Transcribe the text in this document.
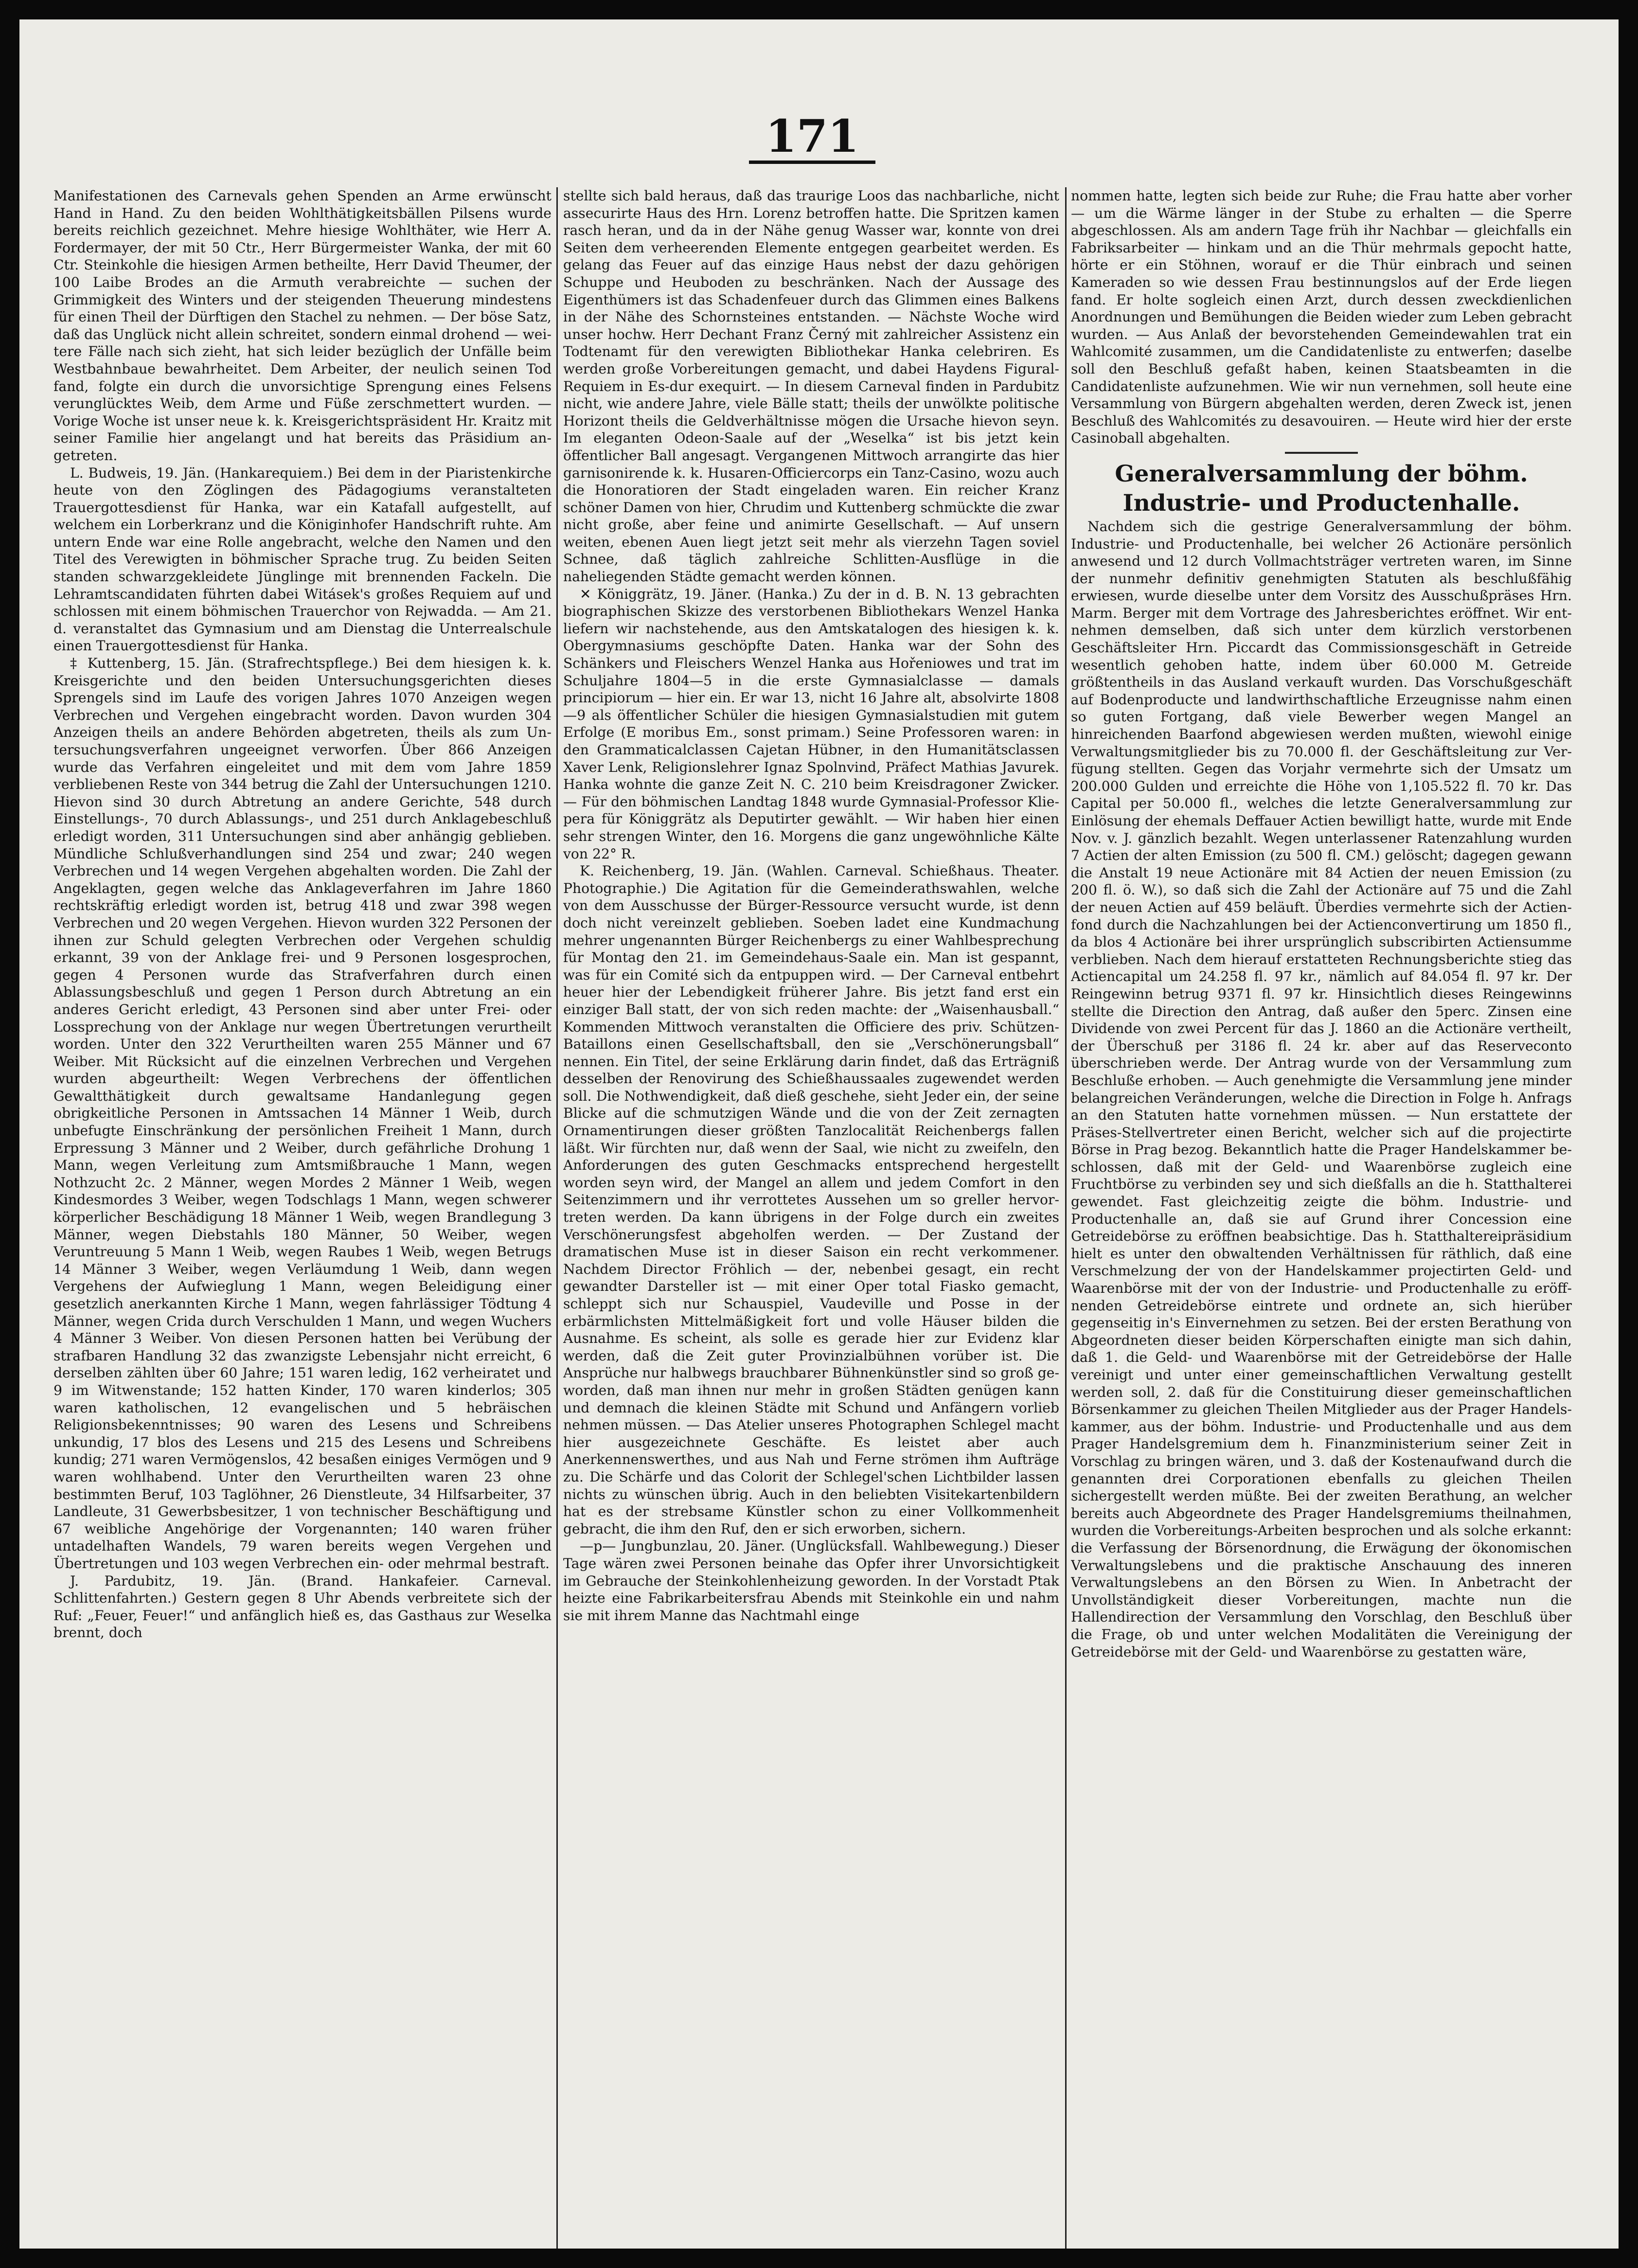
171

Manifestationen des Carnevals gehen Spenden an Arme erwünscht Hand in Hand. Zu den beiden Wohlthätigkeitsbällen Pilsens wurde bereits reichlich gezeichnet. Mehre hiesige Wohlthäter, wie Herr A. Fordermayer, der mit 50 Ctr., Herr Bürgermeister Wanka, der mit 60 Ctr. Steinkohle die hiesigen Armen betheilte, Herr David Theumer, der 100 Laibe Brodes an die Armuth verabreichte — suchen der Grimmigkeit des Winters und der steigenden Theuerung mindestens für einen Theil der Dürftigen den Stachel zu nehmen. — Der böse Satz, daß das Unglück nicht allein schreitet, sondern einmal drohend — weitere Fälle nach sich zieht, hat sich leider bezüglich der Unfälle beim Westbahnbaue bewahrheitet. Dem Arbeiter, der neulich seinen Tod fand, folgte ein durch die unvorsichtige Sprengung eines Felsens verunglücktes Weib, dem Arme und Füße zerschmettert wurden. — Vorige Woche ist unser neue k. k. Kreisgerichtspräsident Hr. Kraitz mit seiner Familie hier angelangt und hat bereits das Präsidium angetreten.

L. Budweis, 19. Jän. (Hankarequiem.) Bei dem in der Piaristenkirche heute von den Zöglingen des Pädagogiums veranstalteten Trauergottesdienst für Hanka, war ein Katafall aufgestellt, auf welchem ein Lorberkranz und die Königinhofer Handschrift ruhte. Am untern Ende war eine Rolle angebracht, welche den Namen und den Titel des Verewigten in böhmischer Sprache trug. Zu beiden Seiten standen schwarzgekleidete Jünglinge mit brennenden Fackeln. Die Lehramtscandidaten führten dabei Witásek's großes Requiem auf und schlossen mit einem böhmischen Trauerchor von Rejwadda. — Am 21. d. veranstaltet das Gymnasium und am Dienstag die Unterrealschule einen Trauergottesdienst für Hanka.

‡ Kuttenberg, 15. Jän. (Strafrechtspflege.) Bei dem hiesigen k. k. Kreisgerichte und den beiden Untersuchungsgerichten dieses Sprengels sind im Laufe des vorigen Jahres 1070 Anzeigen wegen Verbrechen und Vergehen eingebracht worden. Davon wurden 304 Anzeigen theils an andere Behörden abgetreten, theils als zum Untersuchungsverfahren ungeeignet verworfen. Über 866 Anzeigen wurde das Verfahren eingeleitet und mit dem vom Jahre 1859 verbliebenen Reste von 344 betrug die Zahl der Untersuchungen 1210. Hievon sind 30 durch Abtretung an andere Gerichte, 548 durch Einstellungs-, 70 durch Ablassungs-, und 251 durch Anklagebeschluß erledigt worden, 311 Untersuchungen sind aber anhängig geblieben. Mündliche Schlußverhandlungen sind 254 und zwar; 240 wegen Verbrechen und 14 wegen Vergehen abgehalten worden. Die Zahl der Angeklagten, gegen welche das Anklageverfahren im Jahre 1860 rechtskräftig erledigt worden ist, betrug 418 und zwar 398 wegen Verbrechen und 20 wegen Vergehen. Hievon wurden 322 Personen der ihnen zur Schuld gelegten Verbrechen oder Vergehen schuldig erkannt, 39 von der Anklage frei- und 9 Personen losgesprochen, gegen 4 Personen wurde das Strafverfahren durch einen Ablassungsbeschluß und gegen 1 Person durch Abtretung an ein anderes Gericht erledigt, 43 Personen sind aber unter Frei- oder Lossprechung von der Anklage nur wegen Übertretungen verurtheilt worden. Unter den 322 Verurtheilten waren 255 Männer und 67 Weiber. Mit Rücksicht auf die einzelnen Verbrechen und Vergehen wurden abgeurtheilt: Wegen Verbrechens der öffentlichen Gewaltthätigkeit durch gewaltsame Handanlegung gegen obrigkeitliche Personen in Amtssachen 14 Männer 1 Weib, durch unbefugte Einschränkung der persönlichen Freiheit 1 Mann, durch Erpressung 3 Männer und 2 Weiber, durch gefährliche Drohung 1 Mann, wegen Verleitung zum Amtsmißbrauche 1 Mann, wegen Nothzucht 2c. 2 Männer, wegen Mordes 2 Männer 1 Weib, wegen Kindesmordes 3 Weiber, wegen Todschlags 1 Mann, wegen schwerer körperlicher Beschädigung 18 Männer 1 Weib, wegen Brandlegung 3 Männer, wegen Diebstahls 180 Männer, 50 Weiber, wegen Veruntreuung 5 Mann 1 Weib, wegen Raubes 1 Weib, wegen Betrugs 14 Männer 3 Weiber, wegen Verläumdung 1 Weib, dann wegen Vergehens der Aufwieglung 1 Mann, wegen Beleidigung einer gesetzlich anerkannten Kirche 1 Mann, wegen fahrlässiger Tödtung 4 Männer, wegen Crida durch Verschulden 1 Mann, und wegen Wuchers 4 Männer 3 Weiber. Von diesen Personen hatten bei Verübung der strafbaren Handlung 32 das zwanzigste Lebensjahr nicht erreicht, 6 derselben zählten über 60 Jahre; 151 waren ledig, 162 verheiratet und 9 im Witwenstande; 152 hatten Kinder, 170 waren kinderlos; 305 waren katholischen, 12 evangelischen und 5 hebräischen Religionsbekenntnisses; 90 waren des Lesens und Schreibens unkundig, 17 blos des Lesens und 215 des Lesens und Schreibens kundig; 271 waren Vermögenslos, 42 besaßen einiges Vermögen und 9 waren wohlhabend. Unter den Verurtheilten waren 23 ohne bestimmten Beruf, 103 Taglöhner, 26 Dienstleute, 34 Hilfsarbeiter, 37 Landleute, 31 Gewerbsbesitzer, 1 von technischer Beschäftigung und 67 weibliche Angehörige der Vorgenannten; 140 waren früher untadelhaften Wandels, 79 waren bereits wegen Vergehen und Übertretungen und 103 wegen Verbrechen ein- oder mehrmal bestraft.

J. Pardubitz, 19. Jän. (Brand. Hankafeier. Carneval. Schlittenfahrten.) Gestern gegen 8 Uhr Abends verbreitete sich der Ruf: „Feuer, Feuer!“ und anfänglich hieß es, das Gasthaus zur Weselka brennt, doch

stellte sich bald heraus, daß das traurige Loos das nachbarliche, nicht assecurirte Haus des Hrn. Lorenz betroffen hatte. Die Spritzen kamen rasch heran, und da in der Nähe genug Wasser war, konnte von drei Seiten dem verheerenden Elemente entgegen gearbeitet werden. Es gelang das Feuer auf das einzige Haus nebst der dazu gehörigen Schuppe und Heuboden zu beschränken. Nach der Aussage des Eigenthümers ist das Schadenfeuer durch das Glimmen eines Balkens in der Nähe des Schornsteines entstanden. — Nächste Woche wird unser hochw. Herr Dechant Franz Černý mit zahlreicher Assistenz ein Todtenamt für den verewigten Bibliothekar Hanka celebriren. Es werden große Vorbereitungen gemacht, und dabei Haydens Figural-Requiem in Es-dur exequirt. — In diesem Carneval finden in Pardubitz nicht, wie andere Jahre, viele Bälle statt; theils der unwölkte politische Horizont theils die Geldverhältnisse mögen die Ursache hievon seyn. Im eleganten Odeon-Saale auf der „Weselka“ ist bis jetzt kein öffentlicher Ball angesagt. Vergangenen Mittwoch arrangirte das hier garnisonirende k. k. Husaren-Officiercorps ein Tanz-Casino, wozu auch die Honoratioren der Stadt eingeladen waren. Ein reicher Kranz schöner Damen von hier, Chrudim und Kuttenberg schmückte die zwar nicht große, aber feine und animirte Gesellschaft. — Auf unsern weiten, ebenen Auen liegt jetzt seit mehr als vierzehn Tagen soviel Schnee, daß täglich zahlreiche Schlitten-Ausflüge in die naheliegenden Städte gemacht werden können.

✕ Königgrätz, 19. Jäner. (Hanka.) Zu der in d. B. N. 13 gebrachten biographischen Skizze des verstorbenen Bibliothekars Wenzel Hanka liefern wir nachstehende, aus den Amtskatalogen des hiesigen k. k. Obergymnasiums geschöpfte Daten. Hanka war der Sohn des Schänkers und Fleischers Wenzel Hanka aus Hořeniowes und trat im Schuljahre 1804—5 in die erste Gymnasialclasse — damals principiorum — hier ein. Er war 13, nicht 16 Jahre alt, absolvirte 1808—9 als öffentlicher Schüler die hiesigen Gymnasialstudien mit gutem Erfolge (E moribus Em., sonst primam.) Seine Professoren waren: in den Grammaticalclassen Cajetan Hübner, in den Humanitätsclassen Xaver Lenk, Religionslehrer Ignaz Spolnvind, Präfect Mathias Javurek. Hanka wohnte die ganze Zeit N. C. 210 beim Kreisdragoner Zwicker. — Für den böhmischen Landtag 1848 wurde Gymnasial-Professor Kliepera für Königgrätz als Deputirter gewählt. — Wir haben hier einen sehr strengen Winter, den 16. Morgens die ganz ungewöhnliche Kälte von 22° R.

K. Reichenberg, 19. Jän. (Wahlen. Carneval. Schießhaus. Theater. Photographie.) Die Agitation für die Gemeinderathswahlen, welche von dem Ausschusse der Bürger-Ressource versucht wurde, ist denn doch nicht vereinzelt geblieben. Soeben ladet eine Kundmachung mehrer ungenannten Bürger Reichenbergs zu einer Wahlbesprechung für Montag den 21. im Gemeindehaus-Saale ein. Man ist gespannt, was für ein Comité sich da entpuppen wird. — Der Carneval entbehrt heuer hier der Lebendigkeit früherer Jahre. Bis jetzt fand erst ein einziger Ball statt, der von sich reden machte: der „Waisenhausball.“ Kommenden Mittwoch veranstalten die Officiere des priv. Schützen-Bataillons einen Gesellschaftsball, den sie „Verschönerungsball“ nennen. Ein Titel, der seine Erklärung darin findet, daß das Erträgniß desselben der Renovirung des Schießhaussaales zugewendet werden soll. Die Nothwendigkeit, daß dieß geschehe, sieht Jeder ein, der seine Blicke auf die schmutzigen Wände und die von der Zeit zernagten Ornamentirungen dieser größten Tanzlocalität Reichenbergs fallen läßt. Wir fürchten nur, daß wenn der Saal, wie nicht zu zweifeln, den Anforderungen des guten Geschmacks entsprechend hergestellt worden seyn wird, der Mangel an allem und jedem Comfort in den Seitenzimmern und ihr verrottetes Aussehen um so greller hervortreten werden. Da kann übrigens in der Folge durch ein zweites Verschönerungsfest abgeholfen werden. — Der Zustand der dramatischen Muse ist in dieser Saison ein recht verkommener. Nachdem Director Fröhlich — der, nebenbei gesagt, ein recht gewandter Darsteller ist — mit einer Oper total Fiasko gemacht, schleppt sich nur Schauspiel, Vaudeville und Posse in der erbärmlichsten Mittelmäßigkeit fort und volle Häuser bilden die Ausnahme. Es scheint, als solle es gerade hier zur Evidenz klar werden, daß die Zeit guter Provinzialbühnen vorüber ist. Die Ansprüche nur halbwegs brauchbarer Bühnenkünstler sind so groß geworden, daß man ihnen nur mehr in großen Städten genügen kann und demnach die kleinen Städte mit Schund und Anfängern vorlieb nehmen müssen. — Das Atelier unseres Photographen Schlegel macht hier ausgezeichnete Geschäfte. Es leistet aber auch Anerkennenswerthes, und aus Nah und Ferne strömen ihm Aufträge zu. Die Schärfe und das Colorit der Schlegel'schen Lichtbilder lassen nichts zu wünschen übrig. Auch in den beliebten Visitekartenbildern hat es der strebsame Künstler schon zu einer Vollkommenheit gebracht, die ihm den Ruf, den er sich erworben, sichern.

—p— Jungbunzlau, 20. Jäner. (Unglücksfall. Wahlbewegung.) Dieser Tage wären zwei Personen beinahe das Opfer ihrer Unvorsichtigkeit im Gebrauche der Steinkohlenheizung geworden. In der Vorstadt Ptak heizte eine Fabrikarbeitersfrau Abends mit Steinkohle ein und nahm sie mit ihrem Manne das Nachtmahl einge

nommen hatte, legten sich beide zur Ruhe; die Frau hatte aber vorher — um die Wärme länger in der Stube zu erhalten — die Sperre abgeschlossen. Als am andern Tage früh ihr Nachbar — gleichfalls ein Fabriksarbeiter — hinkam und an die Thür mehrmals gepocht hatte, hörte er ein Stöhnen, worauf er die Thür einbrach und seinen Kameraden so wie dessen Frau bestinnungslos auf der Erde liegen fand. Er holte sogleich einen Arzt, durch dessen zweckdienlichen Anordnungen und Bemühungen die Beiden wieder zum Leben gebracht wurden. — Aus Anlaß der bevorstehenden Gemeindewahlen trat ein Wahlcomité zusammen, um die Candidatenliste zu entwerfen; daselbe soll den Beschluß gefaßt haben, keinen Staatsbeamten in die Candidatenliste aufzunehmen. Wie wir nun vernehmen, soll heute eine Versammlung von Bürgern abgehalten werden, deren Zweck ist, jenen Beschluß des Wahlcomités zu desavouiren. — Heute wird hier der erste Casinoball abgehalten.

Generalversammlung der böhm. Industrie- und Productenhalle.

Nachdem sich die gestrige Generalversammlung der böhm. Industrie- und Productenhalle, bei welcher 26 Actionäre persönlich anwesend und 12 durch Vollmachtsträger vertreten waren, im Sinne der nunmehr definitiv genehmigten Statuten als beschlußfähig erwiesen, wurde dieselbe unter dem Vorsitz des Ausschußpräses Hrn. Marm. Berger mit dem Vortrage des Jahresberichtes eröffnet. Wir entnehmen demselben, daß sich unter dem kürzlich verstorbenen Geschäftsleiter Hrn. Piccardt das Commissionsgeschäft in Getreide wesentlich gehoben hatte, indem über 60.000 M. Getreide größtentheils in das Ausland verkauft wurden. Das Vorschußgeschäft auf Bodenproducte und landwirthschaftliche Erzeugnisse nahm einen so guten Fortgang, daß viele Bewerber wegen Mangel an hinreichenden Baarfond abgewiesen werden mußten, wiewohl einige Verwaltungsmitglieder bis zu 70.000 fl. der Geschäftsleitung zur Verfügung stellten. Gegen das Vorjahr vermehrte sich der Umsatz um 200.000 Gulden und erreichte die Höhe von 1,105.522 fl. 70 kr. Das Capital per 50.000 fl., welches die letzte Generalversammlung zur Einlösung der ehemals Deffauer Actien bewilligt hatte, wurde mit Ende Nov. v. J. gänzlich bezahlt. Wegen unterlassener Ratenzahlung wurden 7 Actien der alten Emission (zu 500 fl. CM.) gelöscht; dagegen gewann die Anstalt 19 neue Actionäre mit 84 Actien der neuen Emission (zu 200 fl. ö. W.), so daß sich die Zahl der Actionäre auf 75 und die Zahl der neuen Actien auf 459 beläuft. Überdies vermehrte sich der Actienfond durch die Nachzahlungen bei der Actienconvertirung um 1850 fl., da blos 4 Actionäre bei ihrer ursprünglich subscribirten Actiensumme verblieben. Nach dem hierauf erstatteten Rechnungsberichte stieg das Actiencapital um 24.258 fl. 97 kr., nämlich auf 84.054 fl. 97 kr. Der Reingewinn betrug 9371 fl. 97 kr. Hinsichtlich dieses Reingewinns stellte die Direction den Antrag, daß außer den 5perc. Zinsen eine Dividende von zwei Percent für das J. 1860 an die Actionäre vertheilt, der Überschuß per 3186 fl. 24 kr. aber auf das Reserveconto überschrieben werde. Der Antrag wurde von der Versammlung zum Beschluße erhoben. — Auch genehmigte die Versammlung jene minder belangreichen Veränderungen, welche die Direction in Folge h. Anfrags an den Statuten hatte vornehmen müssen. — Nun erstattete der Präses-Stellvertreter einen Bericht, welcher sich auf die projectirte Börse in Prag bezog. Bekanntlich hatte die Prager Handelskammer beschlossen, daß mit der Geld- und Waarenbörse zugleich eine Fruchtbörse zu verbinden sey und sich dießfalls an die h. Statthalterei gewendet. Fast gleichzeitig zeigte die böhm. Industrie- und Productenhalle an, daß sie auf Grund ihrer Concession eine Getreidebörse zu eröffnen beabsichtige. Das h. Statthaltereipräsidium hielt es unter den obwaltenden Verhältnissen für räthlich, daß eine Verschmelzung der von der Handelskammer projectirten Geld- und Waarenbörse mit der von der Industrie- und Productenhalle zu eröffnenden Getreidebörse eintrete und ordnete an, sich hierüber gegenseitig in's Einvernehmen zu setzen. Bei der ersten Berathung von Abgeordneten dieser beiden Körperschaften einigte man sich dahin, daß 1. die Geld- und Waarenbörse mit der Getreidebörse der Halle vereinigt und unter einer gemeinschaftlichen Verwaltung gestellt werden soll, 2. daß für die Constituirung dieser gemeinschaftlichen Börsenkammer zu gleichen Theilen Mitglieder aus der Prager Handelskammer, aus der böhm. Industrie- und Productenhalle und aus dem Prager Handelsgremium dem h. Finanzministerium seiner Zeit in Vorschlag zu bringen wären, und 3. daß der Kostenaufwand durch die genannten drei Corporationen ebenfalls zu gleichen Theilen sichergestellt werden müßte. Bei der zweiten Berathung, an welcher bereits auch Abgeordnete des Prager Handelsgremiums theilnahmen, wurden die Vorbereitungs-Arbeiten besprochen und als solche erkannt: die Verfassung der Börsenordnung, die Erwägung der ökonomischen Verwaltungslebens und die praktische Anschauung des inneren Verwaltungslebens an den Börsen zu Wien. In Anbetracht der Unvollständigkeit dieser Vorbereitungen, machte nun die Hallendirection der Versammlung den Vorschlag, den Beschluß über die Frage, ob und unter welchen Modalitäten die Vereinigung der Getreidebörse mit der Geld- und Waarenbörse zu gestatten wäre,
